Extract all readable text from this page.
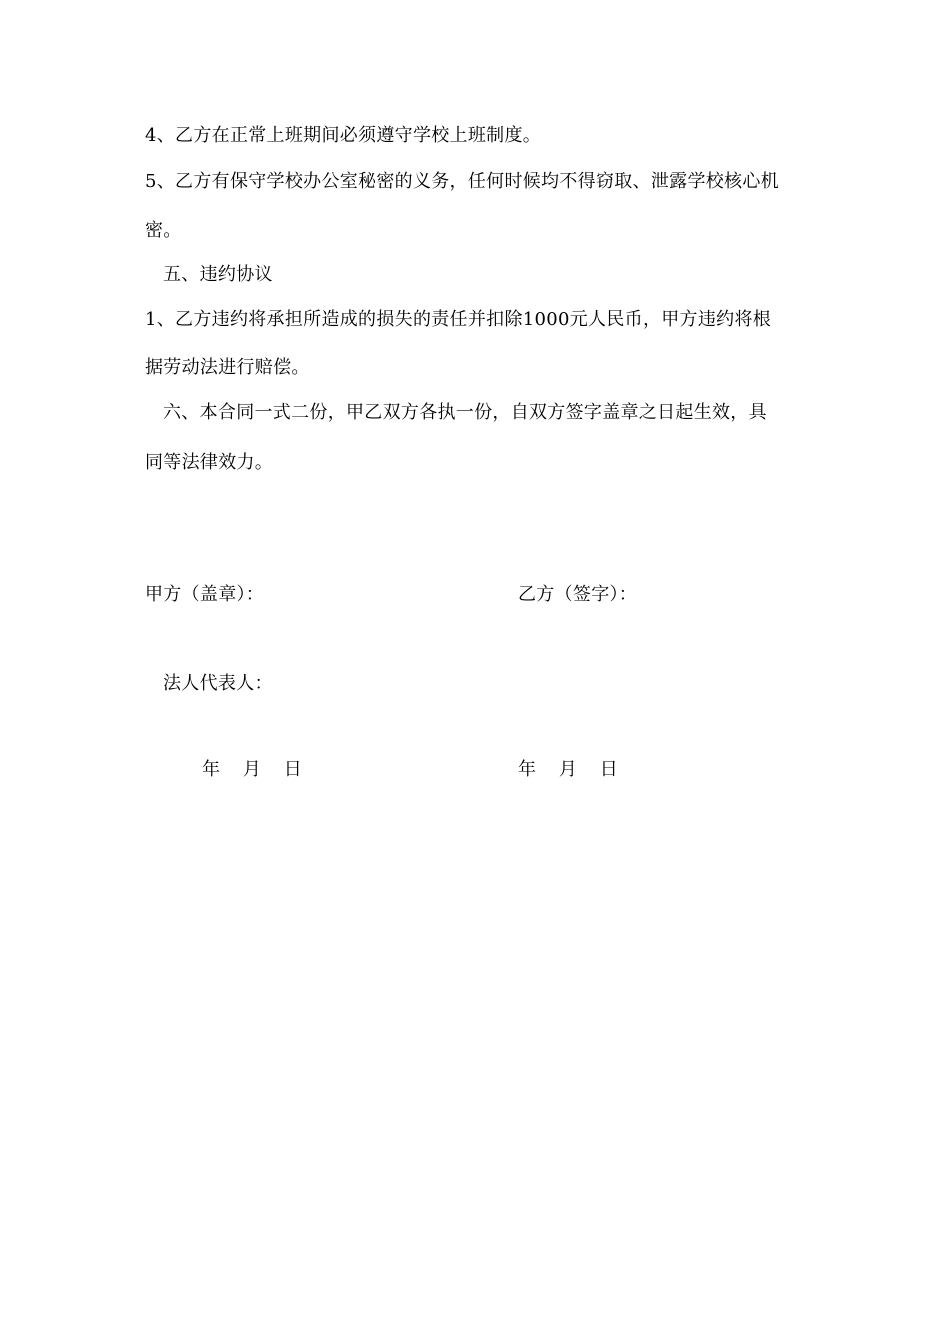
4、乙方在正常上班期间必须遵守学校上班制度。
5、乙方有保守学校办公室秘密的义务，任何时候均不得窃取、泄露学校核心机
密。
五、违约协议
1、乙方违约将承担所造成的损失的责任并扣除1000元人民币，甲方违约将根
据劳动法进行赔偿。
六、本合同一式二份，甲乙双方各执一份，自双方签字盖章之日起生效，具
同等法律效力。
甲方（盖章）：	乙方（签字）：
法人代表人：
年    月    日	年    月    日
